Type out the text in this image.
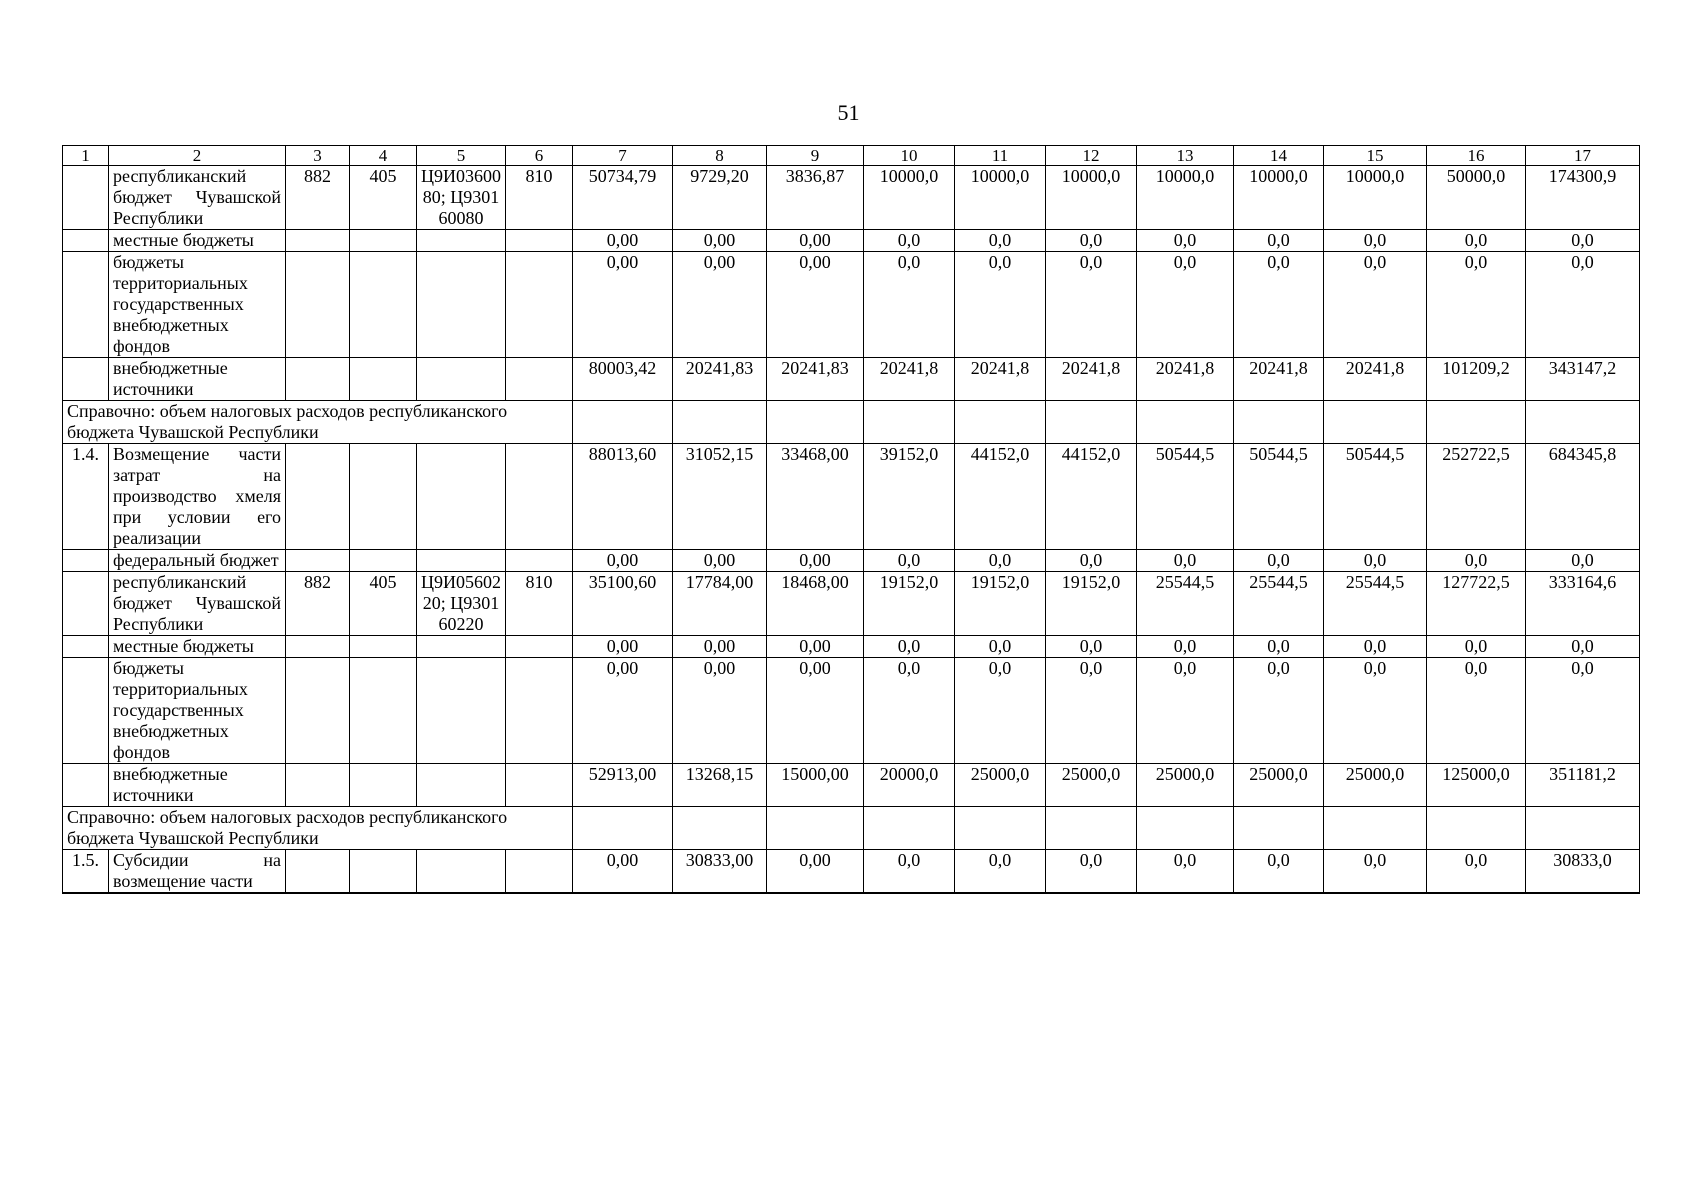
51
1	2	3	4	5	6	7	8	9	10	11	12	13	14	15	16	17
	республиканский бюджет Чувашской Республики	882	405	Ц9И0360080; Ц930160080	810	50734,79	9729,20	3836,87	10000,0	10000,0	10000,0	10000,0	10000,0	10000,0	50000,0	174300,9
	местные бюджеты					0,00	0,00	0,00	0,0	0,0	0,0	0,0	0,0	0,0	0,0	0,0
	бюджеты территориальных государственных внебюджетных фондов					0,00	0,00	0,00	0,0	0,0	0,0	0,0	0,0	0,0	0,0	0,0
	внебюджетные источники					80003,42	20241,83	20241,83	20241,8	20241,8	20241,8	20241,8	20241,8	20241,8	101209,2	343147,2
Справочно: объем налоговых расходов республиканского бюджета Чувашской Республики																
1.4.	Возмещение части затрат на производство хмеля при условии его реализации					88013,60	31052,15	33468,00	39152,0	44152,0	44152,0	50544,5	50544,5	50544,5	252722,5	684345,8
	федеральный бюджет					0,00	0,00	0,00	0,0	0,0	0,0	0,0	0,0	0,0	0,0	0,0
	республиканский бюджет Чувашской Республики	882	405	Ц9И0560220; Ц930160220	810	35100,60	17784,00	18468,00	19152,0	19152,0	19152,0	25544,5	25544,5	25544,5	127722,5	333164,6
	местные бюджеты					0,00	0,00	0,00	0,0	0,0	0,0	0,0	0,0	0,0	0,0	0,0
	бюджеты территориальных государственных внебюджетных фондов					0,00	0,00	0,00	0,0	0,0	0,0	0,0	0,0	0,0	0,0	0,0
	внебюджетные источники					52913,00	13268,15	15000,00	20000,0	25000,0	25000,0	25000,0	25000,0	25000,0	125000,0	351181,2
Справочно: объем налоговых расходов республиканского бюджета Чувашской Республики																
1.5.	Субсидии на возмещение части					0,00	30833,00	0,00	0,0	0,0	0,0	0,0	0,0	0,0	0,0	30833,0
